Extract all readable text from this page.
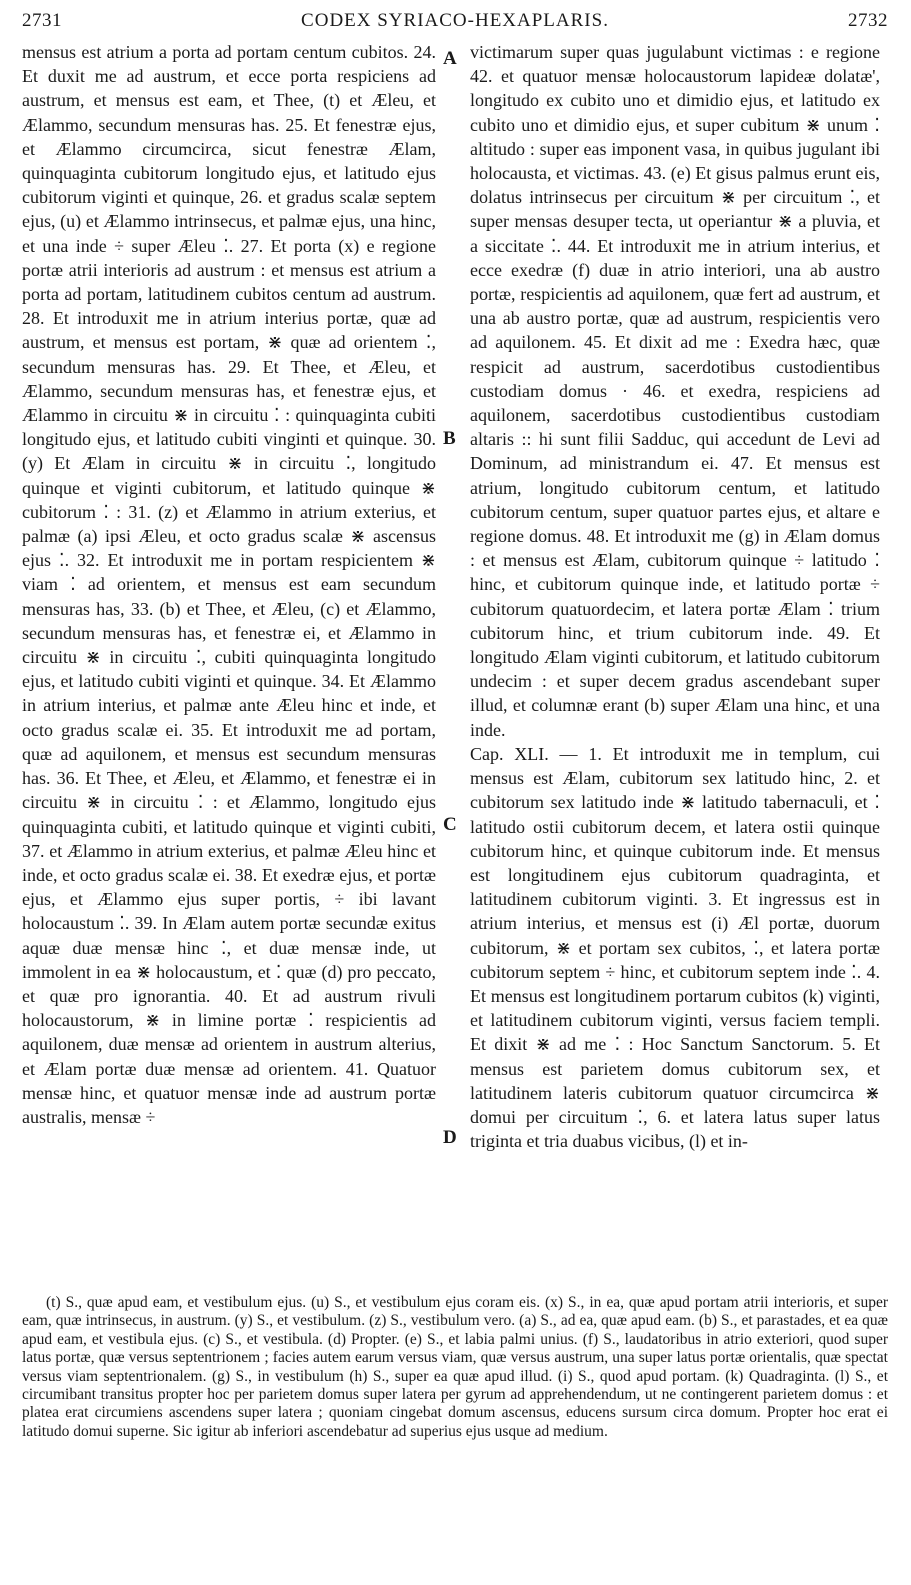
2731	CODEX SYRIACO-HEXAPLARIS.	2732

mensus est atrium a porta ad portam centum cubitos. 24. Et duxit me ad austrum, et ecce porta respiciens ad austrum, et mensus est eam, et Thee, (t) et Æleu, et Ælammo, secundum mensuras has. 25. Et fenestræ ejus, et Ælammo circumcirca, sicut fenestræ Ælam, quinquaginta cubitorum longitudo ejus, et latitudo ejus cubitorum viginti et quinque, 26. et gradus scalæ septem ejus, (u) et Ælammo intrinsecus, et palmæ ejus, una hinc, et una inde ÷ super Æleu ⁚. 27. Et porta (x) e regione portæ atrii interioris ad austrum : et mensus est atrium a porta ad portam, latitudinem cubitos centum ad austrum. 28. Et introduxit me in atrium interius portæ, quæ ad austrum, et mensus est portam, ⋇ quæ ad orientem ⁚, secundum mensuras has. 29. Et Thee, et Æleu, et Ælammo, secundum mensuras has, et fenestræ ejus, et Ælammo in circuitu ⋇ in circuitu ⁚ : quinquaginta cubiti longitudo ejus, et latitudo cubiti vinginti et quinque. 30. (y) Et Ælam in circuitu ⋇ in circuitu ⁚, longitudo quinque et viginti cubitorum, et latitudo quinque ⋇ cubitorum ⁚ : 31. (z) et Ælammo in atrium exterius, et palmæ (a) ipsi Æleu, et octo gradus scalæ ⋇ ascensus ejus ⁚. 32. Et introduxit me in portam respicientem ⋇ viam ⁚ ad orientem, et mensus est eam secundum mensuras has, 33. (b) et Thee, et Æleu, (c) et Ælammo, secundum mensuras has, et fenestræ ei, et Ælammo in circuitu ⋇ in circuitu ⁚, cubiti quinquaginta longitudo ejus, et latitudo cubiti viginti et quinque. 34. Et Ælammo in atrium interius, et palmæ ante Æleu hinc et inde, et octo gradus scalæ ei. 35. Et introduxit me ad portam, quæ ad aquilonem, et mensus est secundum mensuras has. 36. Et Thee, et Æleu, et Ælammo, et fenestræ ei in circuitu ⋇ in circuitu ⁚ : et Ælammo, longitudo ejus quinquaginta cubiti, et latitudo quinque et viginti cubiti, 37. et Ælammo in atrium exterius, et palmæ Æleu hinc et inde, et octo gradus scalæ ei. 38. Et exedræ ejus, et portæ ejus, et Ælammo ejus super portis, ÷ ibi lavant holocaustum ⁚. 39. In Ælam autem portæ secundæ exitus aquæ duæ mensæ hinc ⁚, et duæ mensæ inde, ut immolent in ea ⋇ holocaustum, et ⁚ quæ (d) pro peccato, et quæ pro ignorantia. 40. Et ad austrum rivuli holocaustorum, ⋇ in limine portæ ⁚ respicientis ad aquilonem, duæ mensæ ad orientem in austrum alterius, et Ælam portæ duæ mensæ ad orientem. 41. Quatuor mensæ hinc, et quatuor mensæ inde ad austrum portæ australis, mensæ ÷

A
B
C
D

victimarum super quas jugulabunt victimas : e regione 42. et quatuor mensæ holocaustorum lapideæ dolatæ', longitudo ex cubito uno et dimidio ejus, et latitudo ex cubito uno et dimidio ejus, et super cubitum ⋇ unum ⁚ altitudo : super eas imponent vasa, in quibus jugulant ibi holocausta, et victimas. 43. (e) Et gisus palmus erunt eis, dolatus intrinsecus per circuitum ⋇ per circuitum ⁚, et super mensas desuper tecta, ut operiantur ⋇ a pluvia, et a siccitate ⁚. 44. Et introduxit me in atrium interius, et ecce exedræ (f) duæ in atrio interiori, una ab austro portæ, respicientis ad aquilonem, quæ fert ad austrum, et una ab austro portæ, quæ ad austrum, respicientis vero ad aquilonem. 45. Et dixit ad me : Exedra hæc, quæ respicit ad austrum, sacerdotibus custodientibus custodiam domus · 46. et exedra, respiciens ad aquilonem, sacerdotibus custodientibus custodiam altaris :: hi sunt filii Sadduc, qui accedunt de Levi ad Dominum, ad ministrandum ei. 47. Et mensus est atrium, longitudo cubitorum centum, et latitudo cubitorum centum, super quatuor partes ejus, et altare e regione domus. 48. Et introduxit me (g) in Ælam domus : et mensus est Ælam, cubitorum quinque ÷ latitudo ⁚ hinc, et cubitorum quinque inde, et latitudo portæ ÷ cubitorum quatuordecim, et latera portæ Ælam ⁚ trium cubitorum hinc, et trium cubitorum inde. 49. Et longitudo Ælam viginti cubitorum, et latitudo cubitorum undecim : et super decem gradus ascendebant super illud, et columnæ erant (b) super Ælam una hinc, et una inde.

Cap. XLI. — 1. Et introduxit me in templum, cui mensus est Ælam, cubitorum sex latitudo hinc, 2. et cubitorum sex latitudo inde ⋇ latitudo tabernaculi, et ⁚ latitudo ostii cubitorum decem, et latera ostii quinque cubitorum hinc, et quinque cubitorum inde. Et mensus est longitudinem ejus cubitorum quadraginta, et latitudinem cubitorum viginti. 3. Et ingressus est in atrium interius, et mensus est (i) Æl portæ, duorum cubitorum, ⋇ et portam sex cubitos, ⁚, et latera portæ cubitorum septem ÷ hinc, et cubitorum septem inde ⁚. 4. Et mensus est longitudinem portarum cubitos (k) viginti, et latitudinem cubitorum viginti, versus faciem templi. Et dixit ⋇ ad me ⁚ : Hoc Sanctum Sanctorum. 5. Et mensus est parietem domus cubitorum sex, et latitudinem lateris cubitorum quatuor circumcirca ⋇ domui per circuitum ⁚, 6. et latera latus super latus triginta et tria duabus vicibus, (l) et in-

(t) S., quæ apud eam, et vestibulum ejus. (u) S., et vestibulum ejus coram eis. (x) S., in ea, quæ apud portam atrii interioris, et super eam, quæ intrinsecus, in austrum. (y) S., et vestibulum. (z) S., vestibulum vero. (a) S., ad ea, quæ apud eam. (b) S., et parastades, et ea quæ apud eam, et vestibula ejus. (c) S., et vestibula. (d) Propter. (e) S., et labia palmi unius. (f) S., laudatoribus in atrio exteriori, quod super latus portæ, quæ versus septentrionem ; facies autem earum versus viam, quæ versus austrum, una super latus portæ orientalis, quæ spectat versus viam septentrionalem. (g) S., in vestibulum (h) S., super ea quæ apud illud. (i) S., quod apud portam. (k) Quadraginta. (l) S., et circumibant transitus propter hoc per parietem domus super latera per gyrum ad apprehendendum, ut ne contingerent parietem domus : et platea erat circumiens ascendens super latera ; quoniam cingebat domum ascensus, educens sursum circa domum. Propter hoc erat ei latitudo domui superne. Sic igitur ab inferiori ascendebatur ad superius ejus usque ad medium.
